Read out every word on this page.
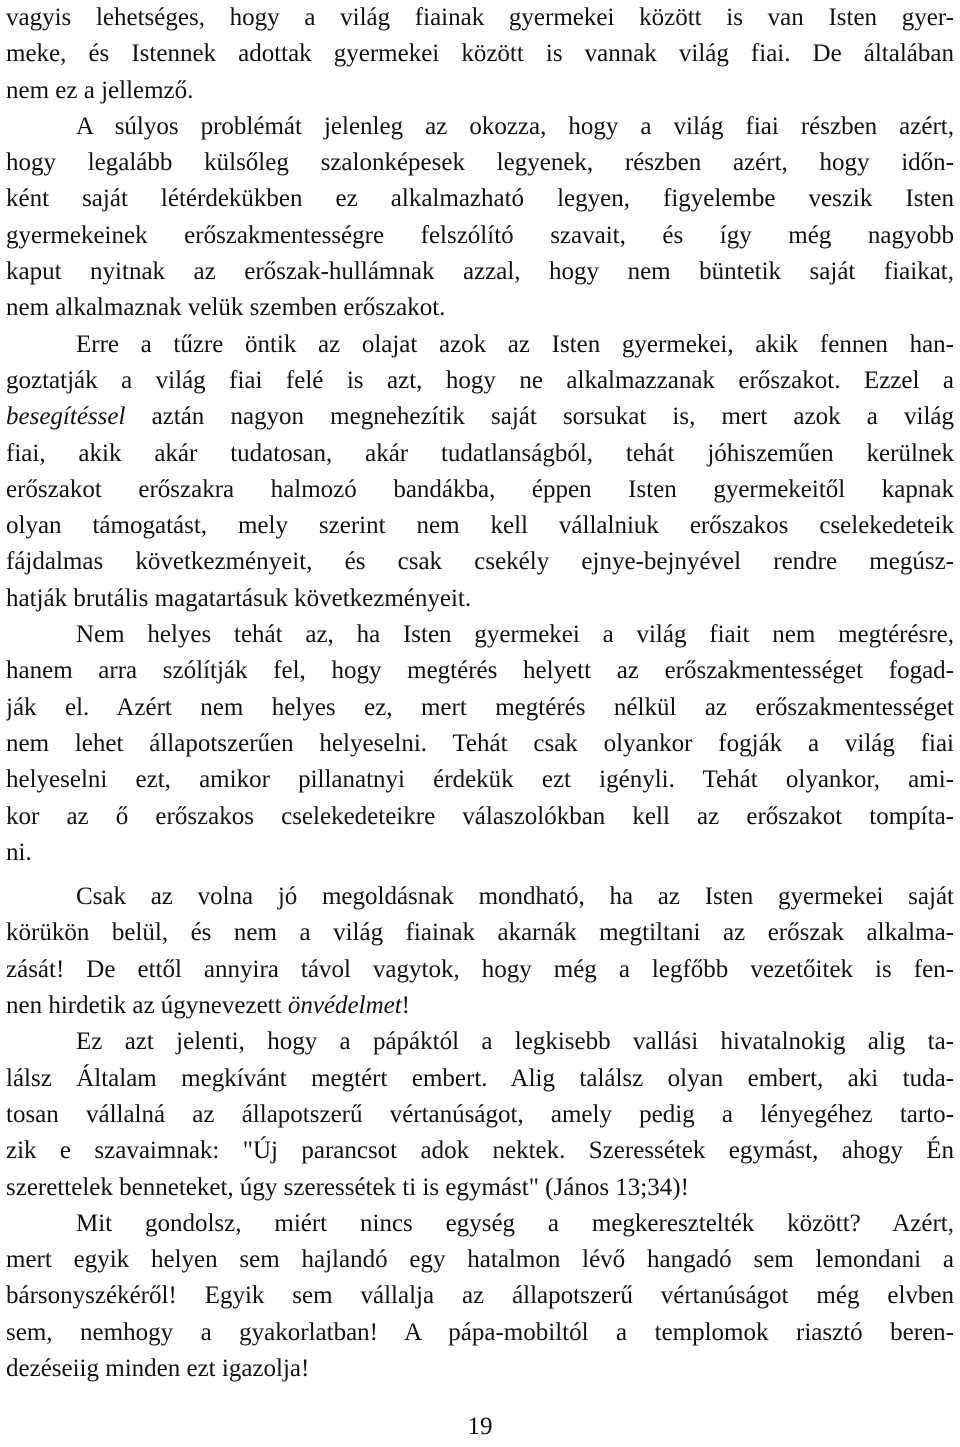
vagyis lehetséges, hogy a világ fiainak gyermekei között is van Isten gyer-
meke, és Istennek adottak gyermekei között is vannak világ fiai. De általában
nem ez a jellemző.
A súlyos problémát jelenleg az okozza, hogy a világ fiai részben azért,
hogy legalább külsőleg szalonképesek legyenek, részben azért, hogy időn-
ként saját létérdekükben ez alkalmazható legyen, figyelembe veszik Isten
gyermekeinek erőszakmentességre felszólító szavait, és így még nagyobb
kaput nyitnak az erőszak-hullámnak azzal, hogy nem büntetik saját fiaikat,
nem alkalmaznak velük szemben erőszakot.
Erre a tűzre öntik az olajat azok az Isten gyermekei, akik fennen han-
goztatják a világ fiai felé is azt, hogy ne alkalmazzanak erőszakot. Ezzel a
besegítéssel aztán nagyon megnehezítik saját sorsukat is, mert azok a világ
fiai, akik akár tudatosan, akár tudatlanságból, tehát jóhiszeműen kerülnek
erőszakot erőszakra halmozó bandákba, éppen Isten gyermekeitől kapnak
olyan támogatást, mely szerint nem kell vállalniuk erőszakos cselekedeteik
fájdalmas következményeit, és csak csekély ejnye-bejnyével rendre megúsz-
hatják brutális magatartásuk következményeit.
Nem helyes tehát az, ha Isten gyermekei a világ fiait nem megtérésre,
hanem arra szólítják fel, hogy megtérés helyett az erőszakmentességet fogad-
ják el. Azért nem helyes ez, mert megtérés nélkül az erőszakmentességet
nem lehet állapotszerűen helyeselni. Tehát csak olyankor fogják a világ fiai
helyeselni ezt, amikor pillanatnyi érdekük ezt igényli. Tehát olyankor, ami-
kor az ő erőszakos cselekedeteikre válaszolókban kell az erőszakot tompíta-
ni.
Csak az volna jó megoldásnak mondható, ha az Isten gyermekei saját
körükön belül, és nem a világ fiainak akarnák megtiltani az erőszak alkalma-
zását! De ettől annyira távol vagytok, hogy még a legfőbb vezetőitek is fen-
nen hirdetik az úgynevezett önvédelmet!
Ez azt jelenti, hogy a pápáktól a legkisebb vallási hivatalnokig alig ta-
lálsz Általam megkívánt megtért embert. Alig találsz olyan embert, aki tuda-
tosan vállalná az állapotszerű vértanúságot, amely pedig a lényegéhez tarto-
zik e szavaimnak: "Új parancsot adok nektek. Szeressétek egymást, ahogy Én
szerettelek benneteket, úgy szeressétek ti is egymást" (János 13;34)!
Mit gondolsz, miért nincs egység a megkeresztelték között? Azért,
mert egyik helyen sem hajlandó egy hatalmon lévő hangadó sem lemondani a
bársonyszékéről! Egyik sem vállalja az állapotszerű vértanúságot még elvben
sem, nemhogy a gyakorlatban! A pápa-mobiltól a templomok riasztó beren-
dezéseiig minden ezt igazolja!
19
